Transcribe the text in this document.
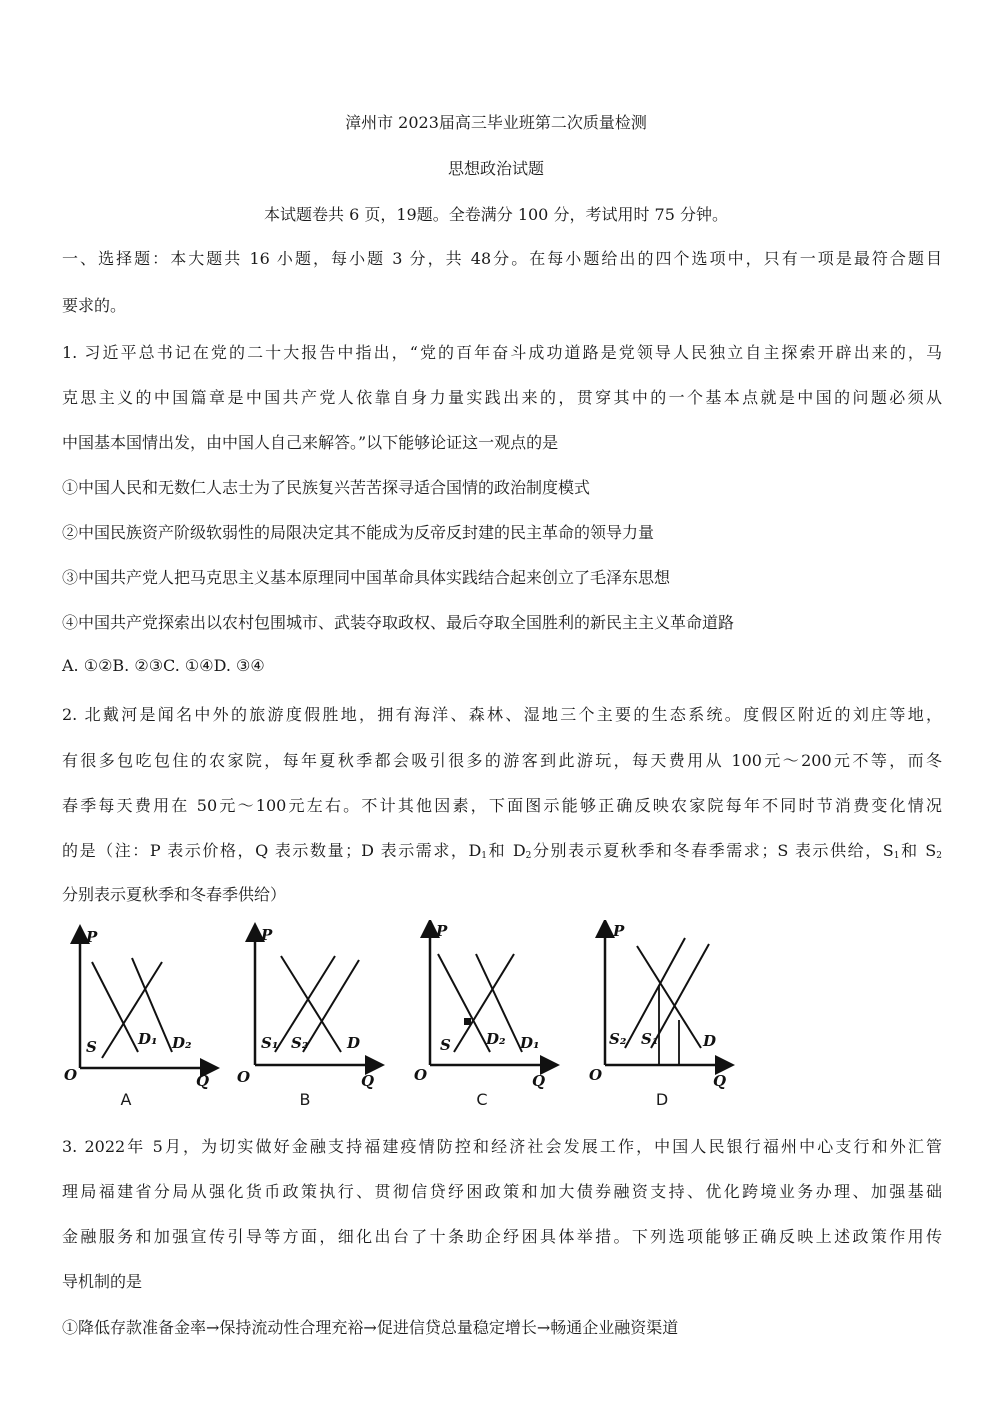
漳州市 2023届高三毕业班第二次质量检测
思想政治试题
本试题卷共 6 页，19题。全卷满分 100 分，考试用时 75 分钟。
一、选择题：本大题共 16 小题，每小题 3 分，共 48分。在每小题给出的四个选项中，只有一项是最符合题目
要求的。
1. 习近平总书记在党的二十大报告中指出，“党的百年奋斗成功道路是党领导人民独立自主探索开辟出来的，马
克思主义的中国篇章是中国共产党人依靠自身力量实践出来的，贯穿其中的一个基本点就是中国的问题必须从
中国基本国情出发，由中国人自己来解答。”以下能够论证这一观点的是
①中国人民和无数仁人志士为了民族复兴苦苦探寻适合国情的政治制度模式
②中国民族资产阶级软弱性的局限决定其不能成为反帝反封建的民主革命的领导力量
③中国共产党人把马克思主义基本原理同中国革命具体实践结合起来创立了毛泽东思想
④中国共产党探索出以农村包围城市、武装夺取政权、最后夺取全国胜利的新民主主义革命道路
A. ①②B. ②③C. ①④D. ③④
2. 北戴河是闻名中外的旅游度假胜地，拥有海洋、森林、湿地三个主要的生态系统。度假区附近的刘庄等地，
有很多包吃包住的农家院，每年夏秋季都会吸引很多的游客到此游玩，每天费用从 100元～200元不等，而冬
春季每天费用在 50元～100元左右。不计其他因素，下面图示能够正确反映农家院每年不同时节消费变化情况
的是（注：P 表示价格，Q 表示数量；D 表示需求，$D_1$和 $D_2$分别表示夏秋季和冬春季需求；S 表示供给，$S_1$和 $S_2$
分别表示夏秋季和冬春季供给）
P
O	Q
S	D₁ D₂
A
P
O	Q
S₁ S₂	D
B
P
O	Q
S D₂ D₁
C
P
O	Q
S₂ S₁	D
D
3. 2022年 5月，为切实做好金融支持福建疫情防控和经济社会发展工作，中国人民银行福州中心支行和外汇管
理局福建省分局从强化货币政策执行、贯彻信贷纾困政策和加大债券融资支持、优化跨境业务办理、加强基础
金融服务和加强宣传引导等方面，细化出台了十条助企纾困具体举措。下列选项能够正确反映上述政策作用传
导机制的是
①降低存款准备金率→保持流动性合理充裕→促进信贷总量稳定增长→畅通企业融资渠道
